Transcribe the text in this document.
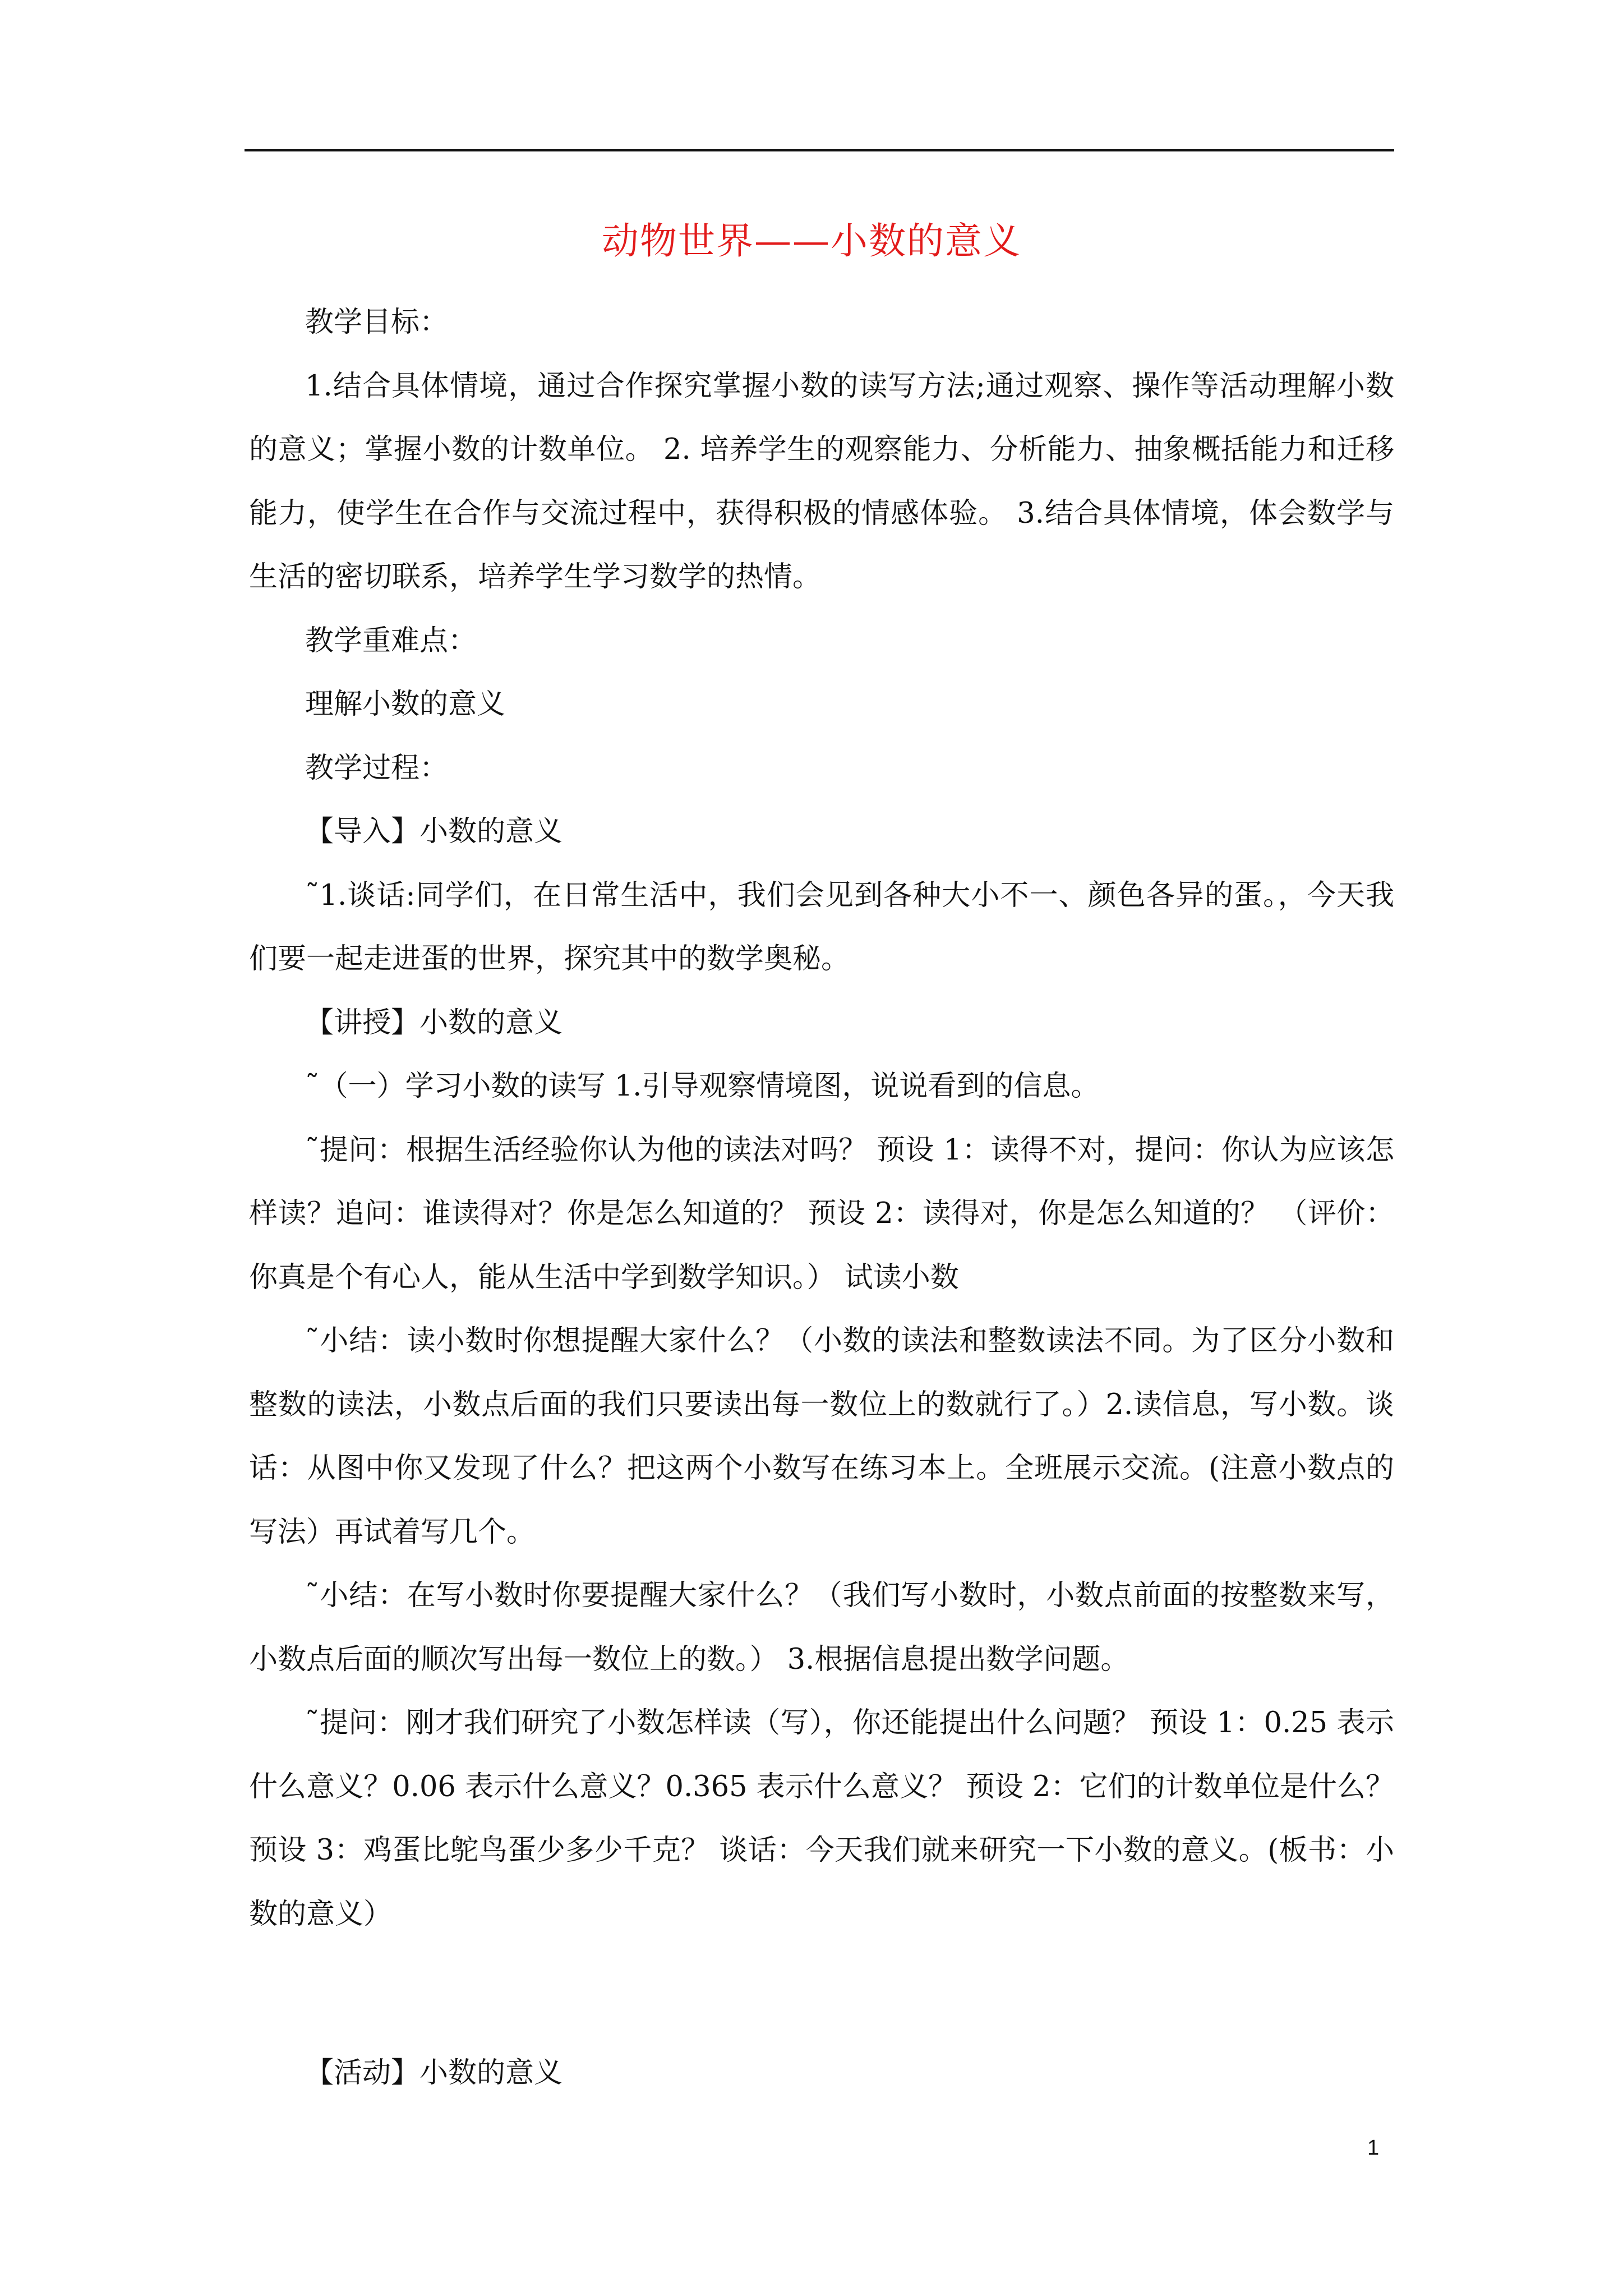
动物世界——小数的意义

教学目标：

1.结合具体情境，通过合作探究掌握小数的读写方法;通过观察、操作等活动理解小数的意义；掌握小数的计数单位。 2. 培养学生的观察能力、分析能力、抽象概括能力和迁移能力，使学生在合作与交流过程中，获得积极的情感体验。 3.结合具体情境，体会数学与生活的密切联系，培养学生学习数学的热情。

教学重难点：

理解小数的意义

教学过程：

【导入】小数的意义

˜1.谈话:同学们，在日常生活中，我们会见到各种大小不一、颜色各异的蛋。，今天我们要一起走进蛋的世界，探究其中的数学奥秘。

【讲授】小数的意义

˜（一）学习小数的读写 1.引导观察情境图，说说看到的信息。

˜提问：根据生活经验你认为他的读法对吗？ 预设 1：读得不对，提问：你认为应该怎样读？追问：谁读得对？你是怎么知道的？ 预设 2：读得对，你是怎么知道的？ （评价：你真是个有心人，能从生活中学到数学知识。） 试读小数

˜小结：读小数时你想提醒大家什么？（小数的读法和整数读法不同。为了区分小数和整数的读法，小数点后面的我们只要读出每一数位上的数就行了。）2.读信息，写小数。谈话：从图中你又发现了什么？把这两个小数写在练习本上。全班展示交流。(注意小数点的写法）再试着写几个。

˜小结：在写小数时你要提醒大家什么？（我们写小数时，小数点前面的按整数来写，小数点后面的顺次写出每一数位上的数。） 3.根据信息提出数学问题。

˜提问：刚才我们研究了小数怎样读（写），你还能提出什么问题？ 预设 1：0.25 表示什么意义？0.06 表示什么意义？0.365 表示什么意义？ 预设 2：它们的计数单位是什么？预设 3：鸡蛋比鸵鸟蛋少多少千克？ 谈话：今天我们就来研究一下小数的意义。(板书：小数的意义）

【活动】小数的意义

1
